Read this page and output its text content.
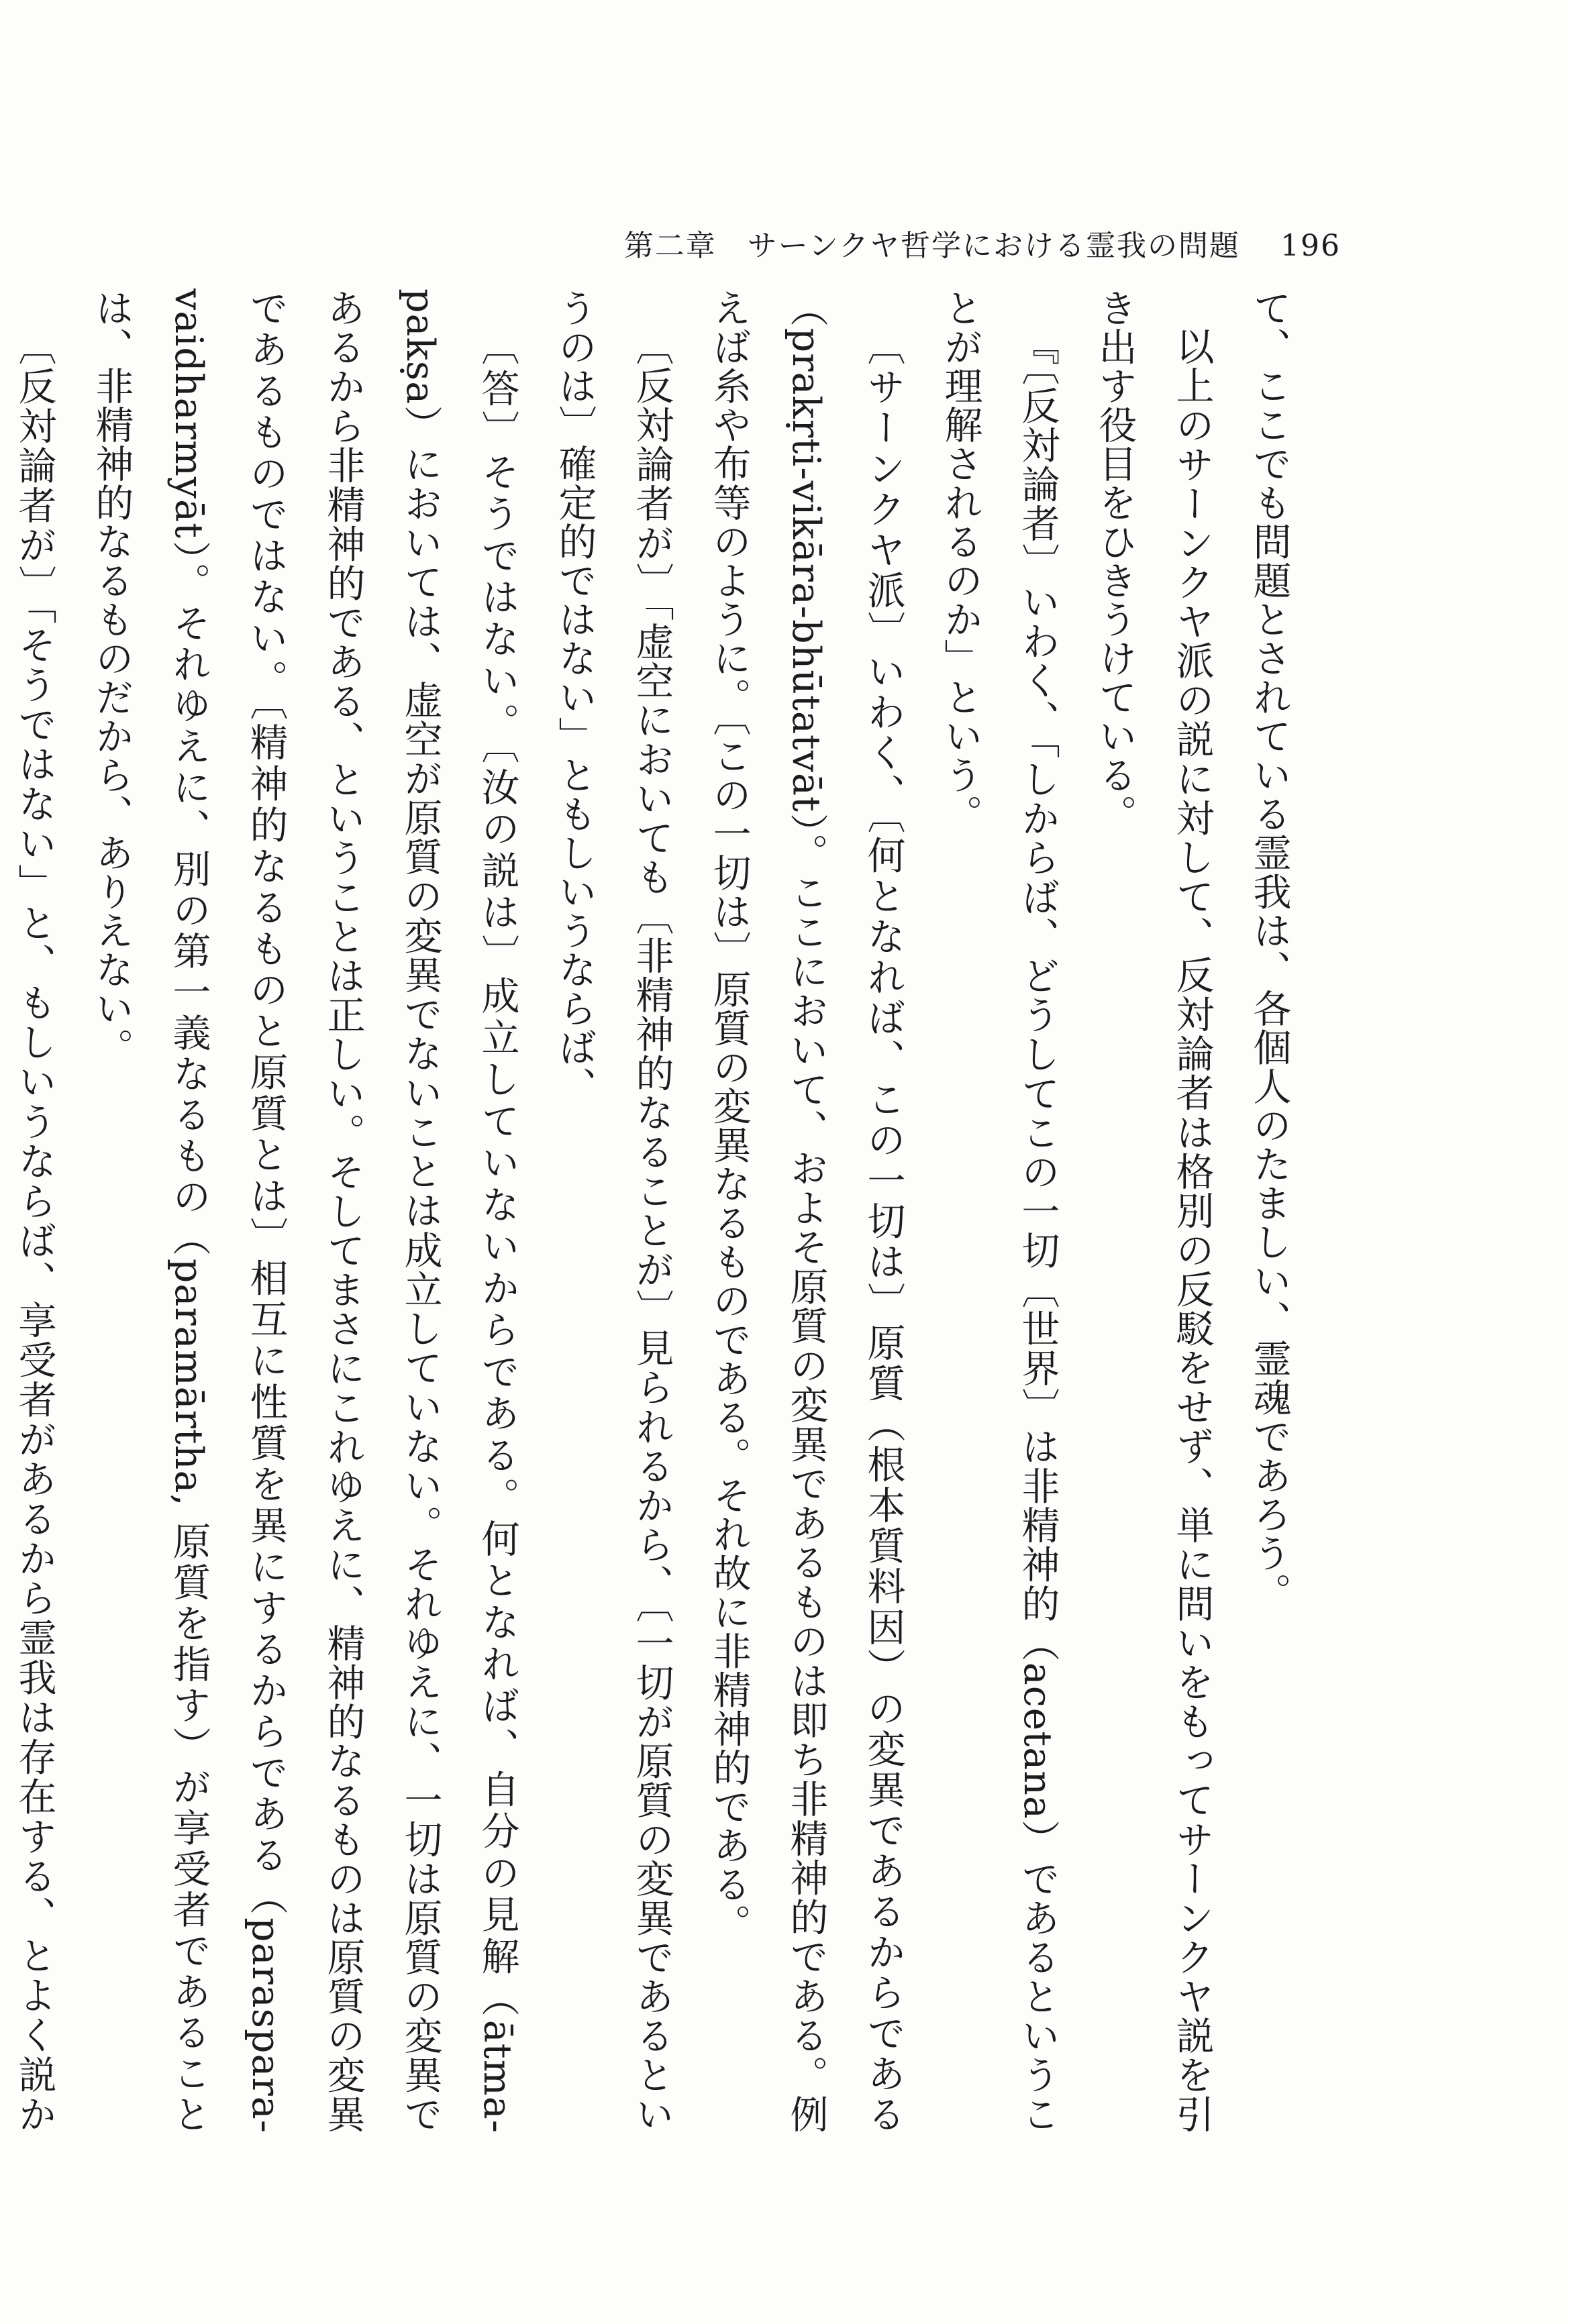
第二章　サーンクヤ哲学における霊我の問題 196

て、ここでも問題とされている霊我は、各個人のたましい、霊魂であろう。

以上のサーンクヤ派の説に対して、反対論者は格別の反駁をせず、単に問いをもってサーンクヤ説を引き出す役目をひきうけている。

『〔反対論者〕いわく、「しからば、どうしてこの一切〔世界〕は非精神的（acetana）であるということが理解されるのか」という。

〔サーンクヤ派〕いわく、〔何となれば、この一切は〕原質（根本質料因）の変異であるからである（prakṛti-vikāra-bhūtatvāt）。ここにおいて、およそ原質の変異であるものは即ち非精神的である。例えば糸や布等のように。〔この一切は〕原質の変異なるものである。それ故に非精神的である。

〔反対論者が〕「虚空においても〔非精神的なることが〕見られるから、〔一切が原質の変異であるというのは〕確定的ではない」ともしいうならば、

〔答〕そうではない。〔汝の説は〕成立していないからである。何となれば、自分の見解（ātma-pakṣa）においては、虚空が原質の変異でないことは成立していない。それゆえに、一切は原質の変異であるから非精神的である、ということは正しい。そしてまさにこれゆえに、精神的なるものは原質の変異であるものではない。〔精神的なるものと原質とは〕相互に性質を異にするからである（paraspara-vaidharmyāt）。それゆえに、別の第一義なるもの（paramārtha, 原質を指す）が享受者であることは、非精神的なるものだから、ありえない。

〔反対論者が〕「そうではない」と、もしいうならば、享受者があるから霊我は存在する、とよく説か
